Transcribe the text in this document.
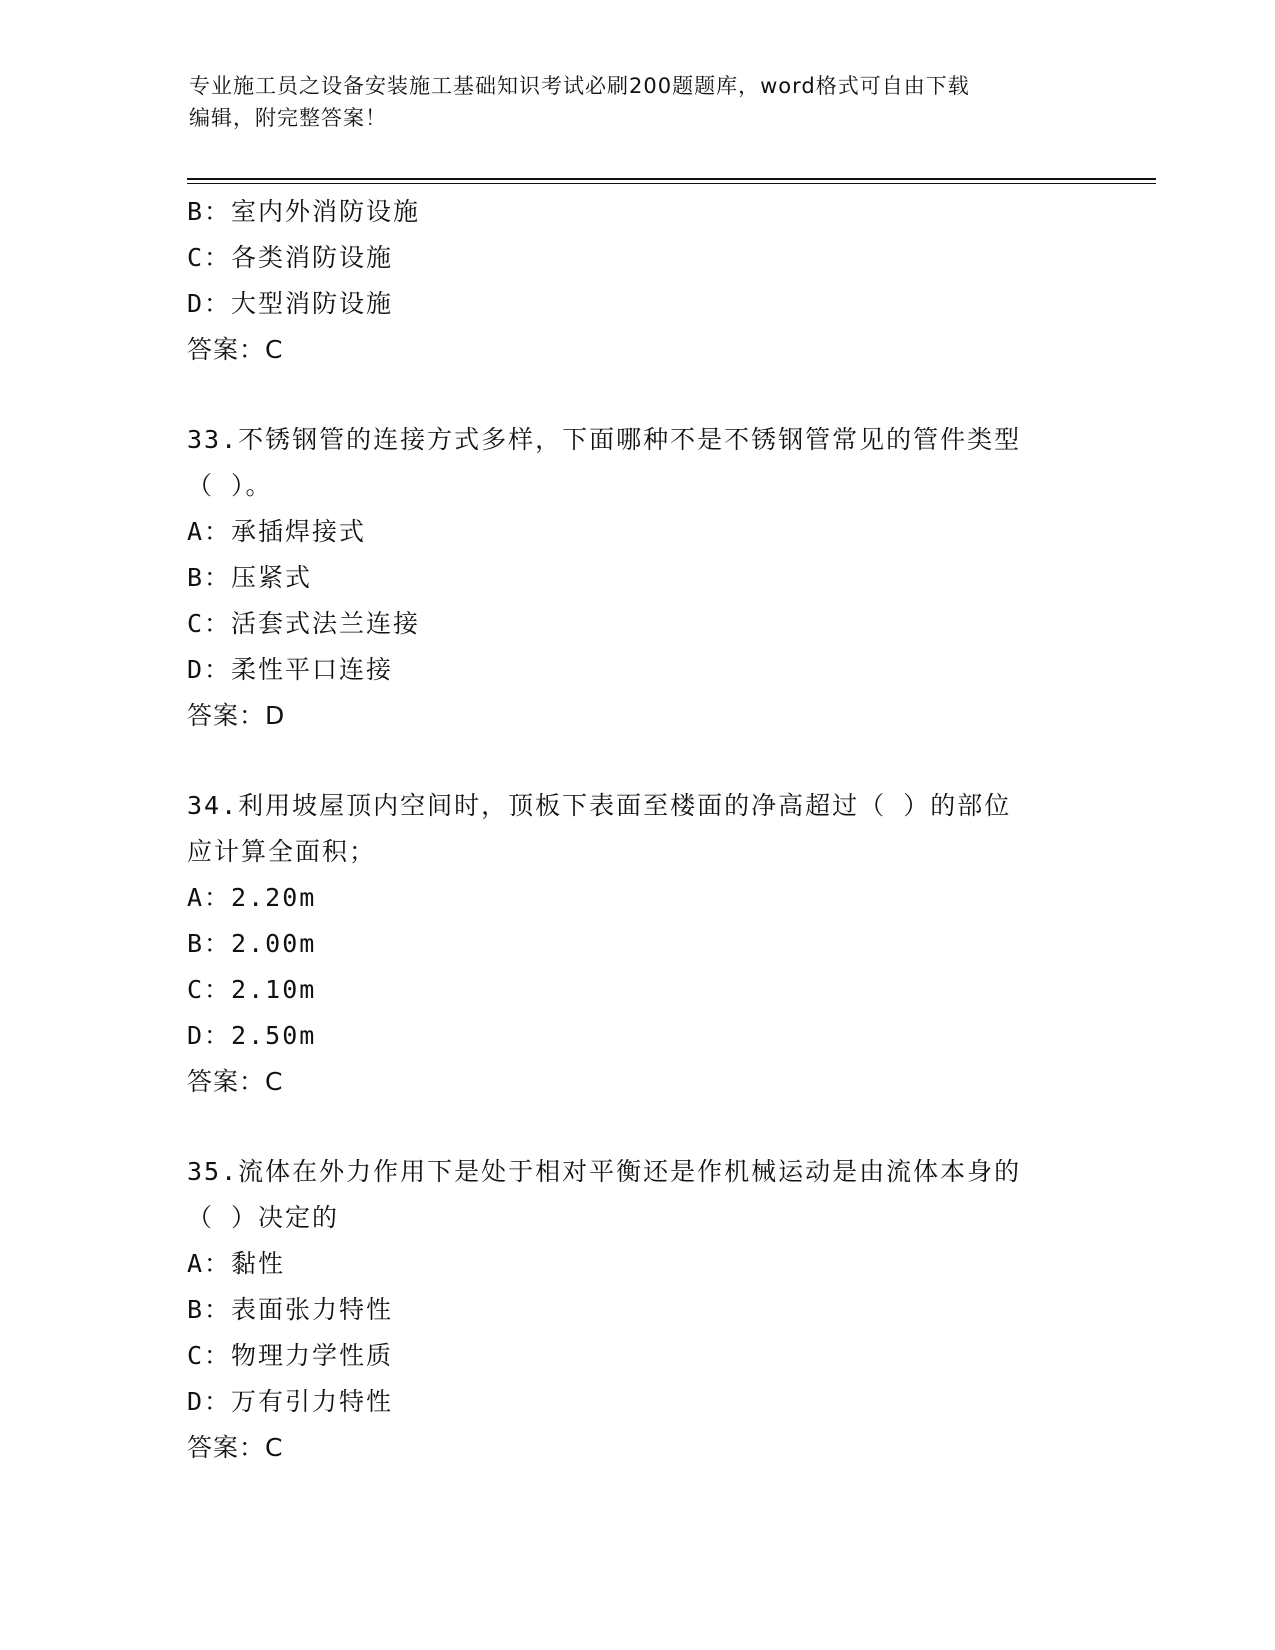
专业施工员之设备安装施工基础知识考试必刷200题题库，word格式可自由下载
编辑，附完整答案！
B：室内外消防设施
C：各类消防设施
D：大型消防设施
答案：C
33.不锈钢管的连接方式多样，下面哪种不是不锈钢管常见的管件类型
（ ）。
A：承插焊接式
B：压紧式
C：活套式法兰连接
D：柔性平口连接
答案：D
34.利用坡屋顶内空间时，顶板下表面至楼面的净高超过（ ）的部位
应计算全面积；
A：2.20m
B：2.00m
C：2.10m
D：2.50m
答案：C
35.流体在外力作用下是处于相对平衡还是作机械运动是由流体本身的
（ ）决定的
A：黏性
B：表面张力特性
C：物理力学性质
D：万有引力特性
答案：C
